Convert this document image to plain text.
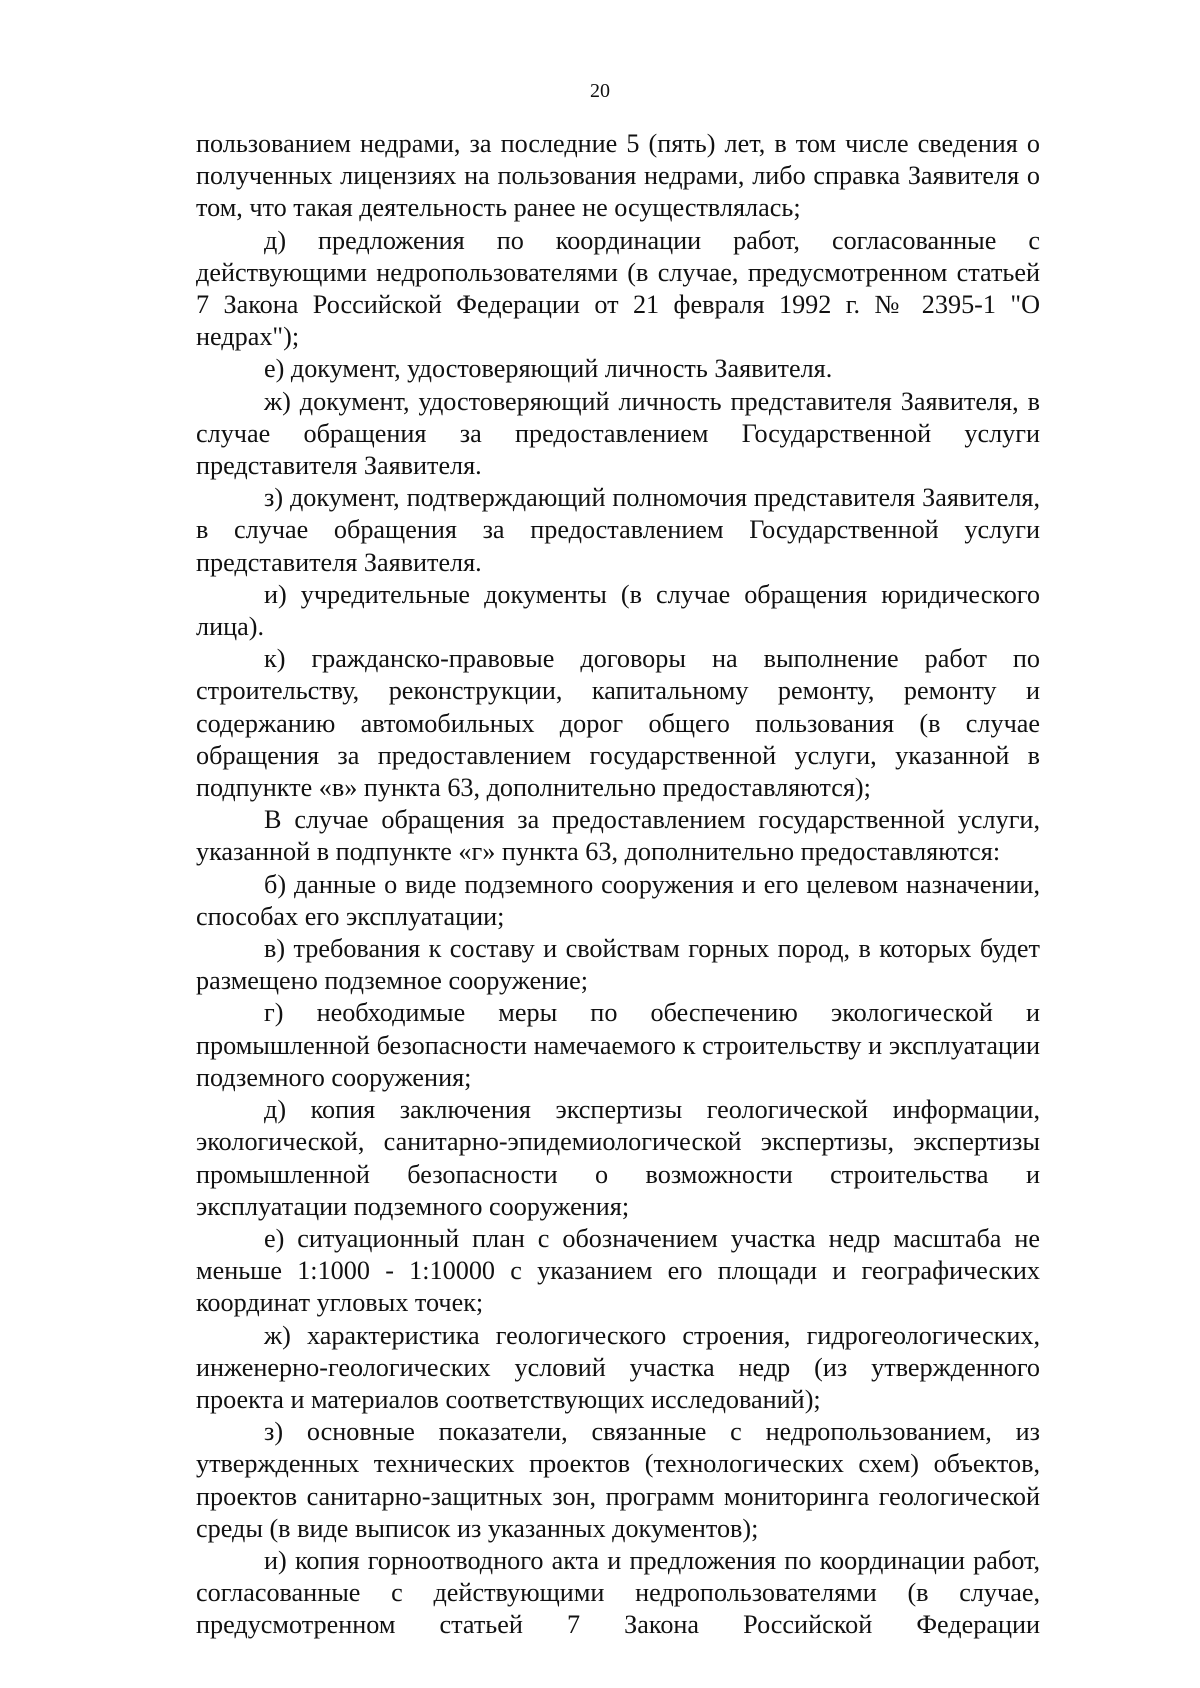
20

пользованием недрами, за последние 5 (пять) лет, в том числе сведения о полученных лицензиях на пользования недрами, либо справка Заявителя о том, что такая деятельность ранее не осуществлялась;

д) предложения по координации работ, согласованные с действующими недропользователями (в случае, предусмотренном статьей 7 Закона Российской Федерации от 21 февраля 1992 г. № 2395-1 "О недрах");

е) документ, удостоверяющий личность Заявителя.

ж) документ, удостоверяющий личность представителя Заявителя, в случае обращения за предоставлением Государственной услуги представителя Заявителя.

з) документ, подтверждающий полномочия представителя Заявителя, в случае обращения за предоставлением Государственной услуги представителя Заявителя.

и) учредительные документы (в случае обращения юридического лица).

к) гражданско-правовые договоры на выполнение работ по строительству, реконструкции, капитальному ремонту, ремонту и содержанию автомобильных дорог общего пользования (в случае обращения за предоставлением государственной услуги, указанной в подпункте «в» пункта 63, дополнительно предоставляются);

В случае обращения за предоставлением государственной услуги, указанной в подпункте «г» пункта 63, дополнительно предоставляются:

б) данные о виде подземного сооружения и его целевом назначении, способах его эксплуатации;

в) требования к составу и свойствам горных пород, в которых будет размещено подземное сооружение;

г) необходимые меры по обеспечению экологической и промышленной безопасности намечаемого к строительству и эксплуатации подземного сооружения;

д) копия заключения экспертизы геологической информации, экологической, санитарно-эпидемиологической экспертизы, экспертизы промышленной безопасности о возможности строительства и эксплуатации подземного сооружения;

е) ситуационный план с обозначением участка недр масштаба не меньше 1:1000 - 1:10000 с указанием его площади и географических координат угловых точек;

ж) характеристика геологического строения, гидрогеологических, инженерно-геологических условий участка недр (из утвержденного проекта и материалов соответствующих исследований);

з) основные показатели, связанные с недропользованием, из утвержденных технических проектов (технологических схем) объектов, проектов санитарно-защитных зон, программ мониторинга геологической среды (в виде выписок из указанных документов);

и) копия горноотводного акта и предложения по координации работ, согласованные с действующими недропользователями (в случае, предусмотренном статьей 7 Закона Российской Федерации
